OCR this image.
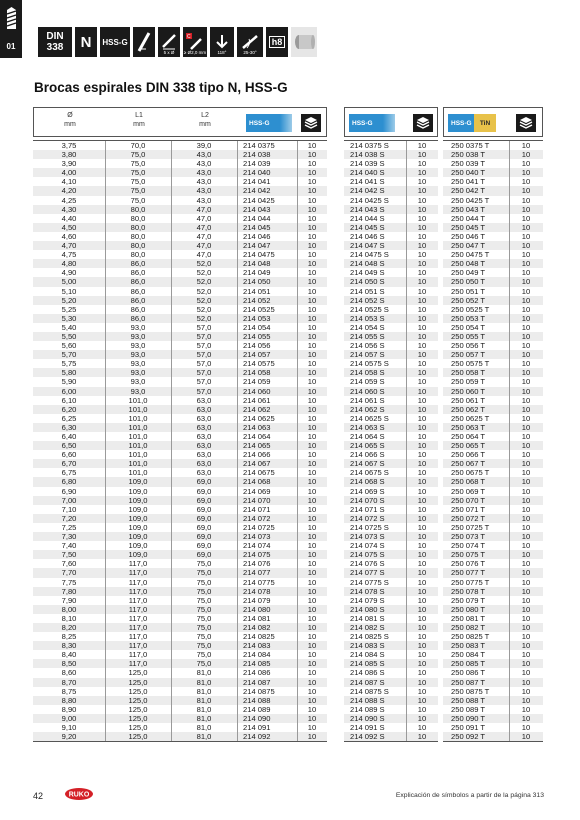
01
DIN
338 N HSS-G
5 x Ø
C
≥ Ø2,0 mm	118°	25-30°
h8
Brocas espirales DIN 338 tipo N, HSS-G
Ø
mm
L1
mm
L2
mm	HSS-G
3,75	70,0	39,0	214 0375	10
3,80	75,0	43,0	214 038	10
3,90	75,0	43,0	214 039	10
4,00	75,0	43,0	214 040	10
4,10	75,0	43,0	214 041	10
4,20	75,0	43,0	214 042	10
4,25	75,0	43,0	214 0425	10
4,30	80,0	47,0	214 043	10
4,40	80,0	47,0	214 044	10
4,50	80,0	47,0	214 045	10
4,60	80,0	47,0	214 046	10
4,70	80,0	47,0	214 047	10
4,75	80,0	47,0	214 0475	10
4,80	86,0	52,0	214 048	10
4,90	86,0	52,0	214 049	10
5,00	86,0	52,0	214 050	10
5,10	86,0	52,0	214 051	10
5,20	86,0	52,0	214 052	10
5,25	86,0	52,0	214 0525	10
5,30	86,0	52,0	214 053	10
5,40	93,0	57,0	214 054	10
5,50	93,0	57,0	214 055	10
5,60	93,0	57,0	214 056	10
5,70	93,0	57,0	214 057	10
5,75	93,0	57,0	214 0575	10
5,80	93,0	57,0	214 058	10
5,90	93,0	57,0	214 059	10
6,00	93,0	57,0	214 060	10
6,10	101,0	63,0	214 061	10
6,20	101,0	63,0	214 062	10
6,25	101,0	63,0	214 0625	10
6,30	101,0	63,0	214 063	10
6,40	101,0	63,0	214 064	10
6,50	101,0	63,0	214 065	10
6,60	101,0	63,0	214 066	10
6,70	101,0	63,0	214 067	10
6,75	101,0	63,0	214 0675	10
6,80	109,0	69,0	214 068	10
6,90	109,0	69,0	214 069	10
7,00	109,0	69,0	214 070	10
7,10	109,0	69,0	214 071	10
7,20	109,0	69,0	214 072	10
7,25	109,0	69,0	214 0725	10
7,30	109,0	69,0	214 073	10
7,40	109,0	69,0	214 074	10
7,50	109,0	69,0	214 075	10
7,60	117,0	75,0	214 076	10
7,70	117,0	75,0	214 077	10
7,75	117,0	75,0	214 0775	10
7,80	117,0	75,0	214 078	10
7,90	117,0	75,0	214 079	10
8,00	117,0	75,0	214 080	10
8,10	117,0	75,0	214 081	10
8,20	117,0	75,0	214 082	10
8,25	117,0	75,0	214 0825	10
8,30	117,0	75,0	214 083	10
8,40	117,0	75,0	214 084	10
8,50	117,0	75,0	214 085	10
8,60	125,0	81,0	214 086	10
8,70	125,0	81,0	214 087	10
8,75	125,0	81,0	214 0875	10
8,80	125,0	81,0	214 088	10
8,90	125,0	81,0	214 089	10
9,00	125,0	81,0	214 090	10
9,10	125,0	81,0	214 091	10
9,20	125,0	81,0	214 092	10
HSS-G
214 0375 S	10
214 038 S	10
214 039 S	10
214 040 S	10
214 041 S	10
214 042 S	10
214 0425 S	10
214 043 S	10
214 044 S	10
214 045 S	10
214 046 S	10
214 047 S	10
214 0475 S	10
214 048 S	10
214 049 S	10
214 050 S	10
214 051 S	10
214 052 S	10
214 0525 S	10
214 053 S	10
214 054 S	10
214 055 S	10
214 056 S	10
214 057 S	10
214 0575 S	10
214 058 S	10
214 059 S	10
214 060 S	10
214 061 S	10
214 062 S	10
214 0625 S	10
214 063 S	10
214 064 S	10
214 065 S	10
214 066 S	10
214 067 S	10
214 0675 S	10
214 068 S	10
214 069 S	10
214 070 S	10
214 071 S	10
214 072 S	10
214 0725 S	10
214 073 S	10
214 074 S	10
214 075 S	10
214 076 S	10
214 077 S	10
214 0775 S	10
214 078 S	10
214 079 S	10
214 080 S	10
214 081 S	10
214 082 S	10
214 0825 S	10
214 083 S	10
214 084 S	10
214 085 S	10
214 086 S	10
214 087 S	10
214 0875 S	10
214 088 S	10
214 089 S	10
214 090 S	10
214 091 S	10
214 092 S	10
HSS-G TiN
250 0375 T	10
250 038 T	10
250 039 T	10
250 040 T	10
250 041 T	10
250 042 T	10
250 0425 T	10
250 043 T	10
250 044 T	10
250 045 T	10
250 046 T	10
250 047 T	10
250 0475 T	10
250 048 T	10
250 049 T	10
250 050 T	10
250 051 T	10
250 052 T	10
250 0525 T	10
250 053 T	10
250 054 T	10
250 055 T	10
250 056 T	10
250 057 T	10
250 0575 T	10
250 058 T	10
250 059 T	10
250 060 T	10
250 061 T	10
250 062 T	10
250 0625 T	10
250 063 T	10
250 064 T	10
250 065 T	10
250 066 T	10
250 067 T	10
250 0675 T	10
250 068 T	10
250 069 T	10
250 070 T	10
250 071 T	10
250 072 T	10
250 0725 T	10
250 073 T	10
250 074 T	10
250 075 T	10
250 076 T	10
250 077 T	10
250 0775 T	10
250 078 T	10
250 079 T	10
250 080 T	10
250 081 T	10
250 082 T	10
250 0825 T	10
250 083 T	10
250 084 T	10
250 085 T	10
250 086 T	10
250 087 T	10
250 0875 T	10
250 088 T	10
250 089 T	10
250 090 T	10
250 091 T	10
250 092 T	10
42	RUKO	Explicación de símbolos a partir de la página 313
